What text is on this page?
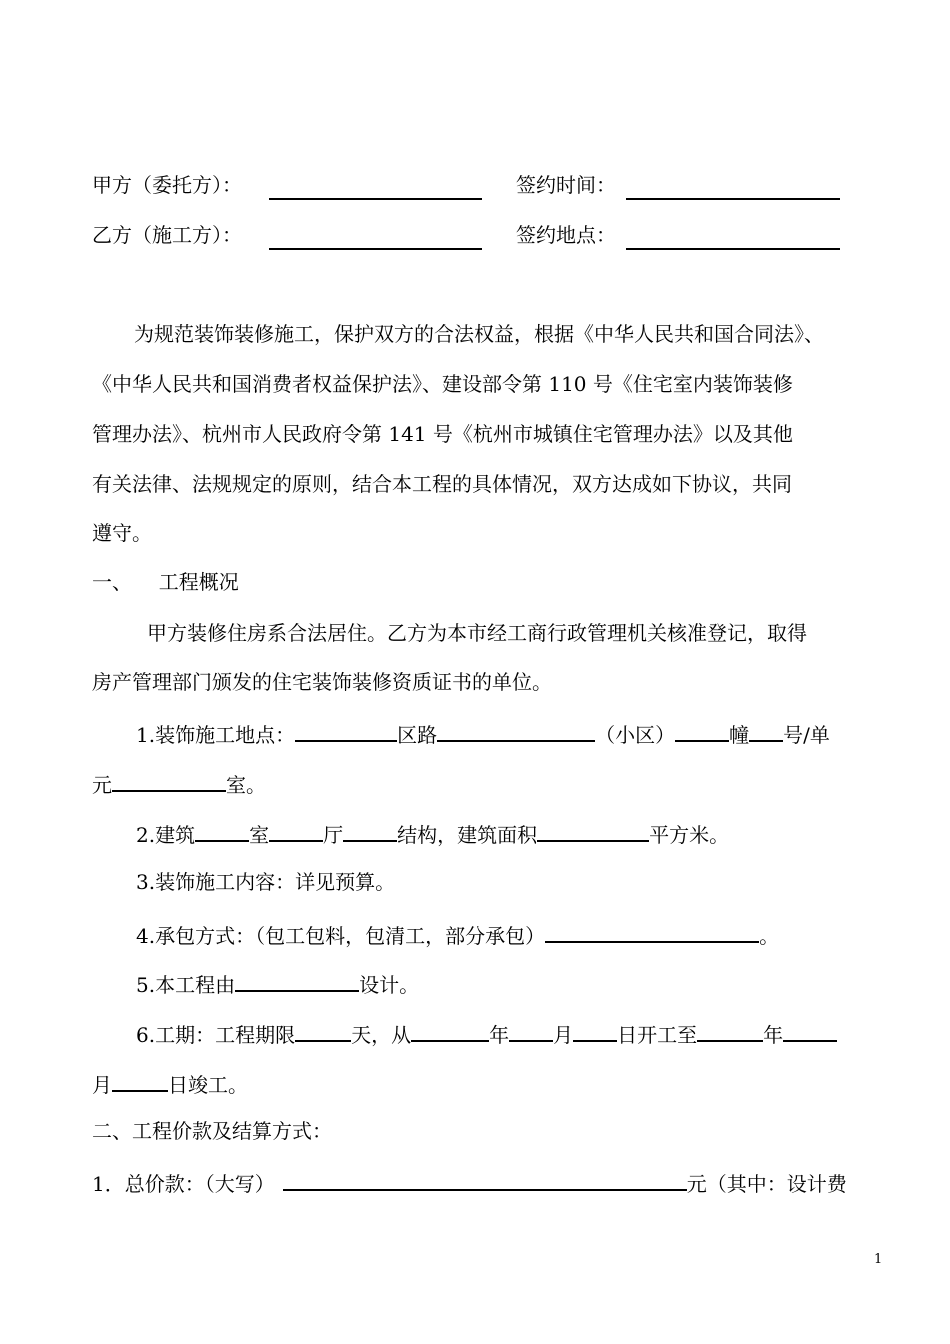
甲方（委托方）：	签约时间：
乙方（施工方）：	签约地点：
为规范装饰装修施工，保护双方的合法权益，根据《中华人民共和国合同法》、
《中华人民共和国消费者权益保护法》、建设部令第 110 号《住宅室内装饰装修
管理办法》、杭州市人民政府令第 141 号《杭州市城镇住宅管理办法》以及其他
有关法律、法规规定的原则，结合本工程的具体情况，双方达成如下协议，共同
遵守。
一、 工程概况
甲方装修住房系合法居住。乙方为本市经工商行政管理机关核准登记，取得
房产管理部门颁发的住宅装饰装修资质证书的单位。
1.装饰施工地点：	区路	（小区）	幢 号/单
元	室。
2.建筑	室	厅	结构，建筑面积	平方米。
3.装饰施工内容：详见预算。
4.承包方式：（包工包料，包清工，部分承包）	。
5.本工程由	设计。
6.工期：工程期限	天，从	年 月 日开工至	年
月	日竣工。
二、工程价款及结算方式：
1．总价款：（大写）	元（其中：设计费
1
